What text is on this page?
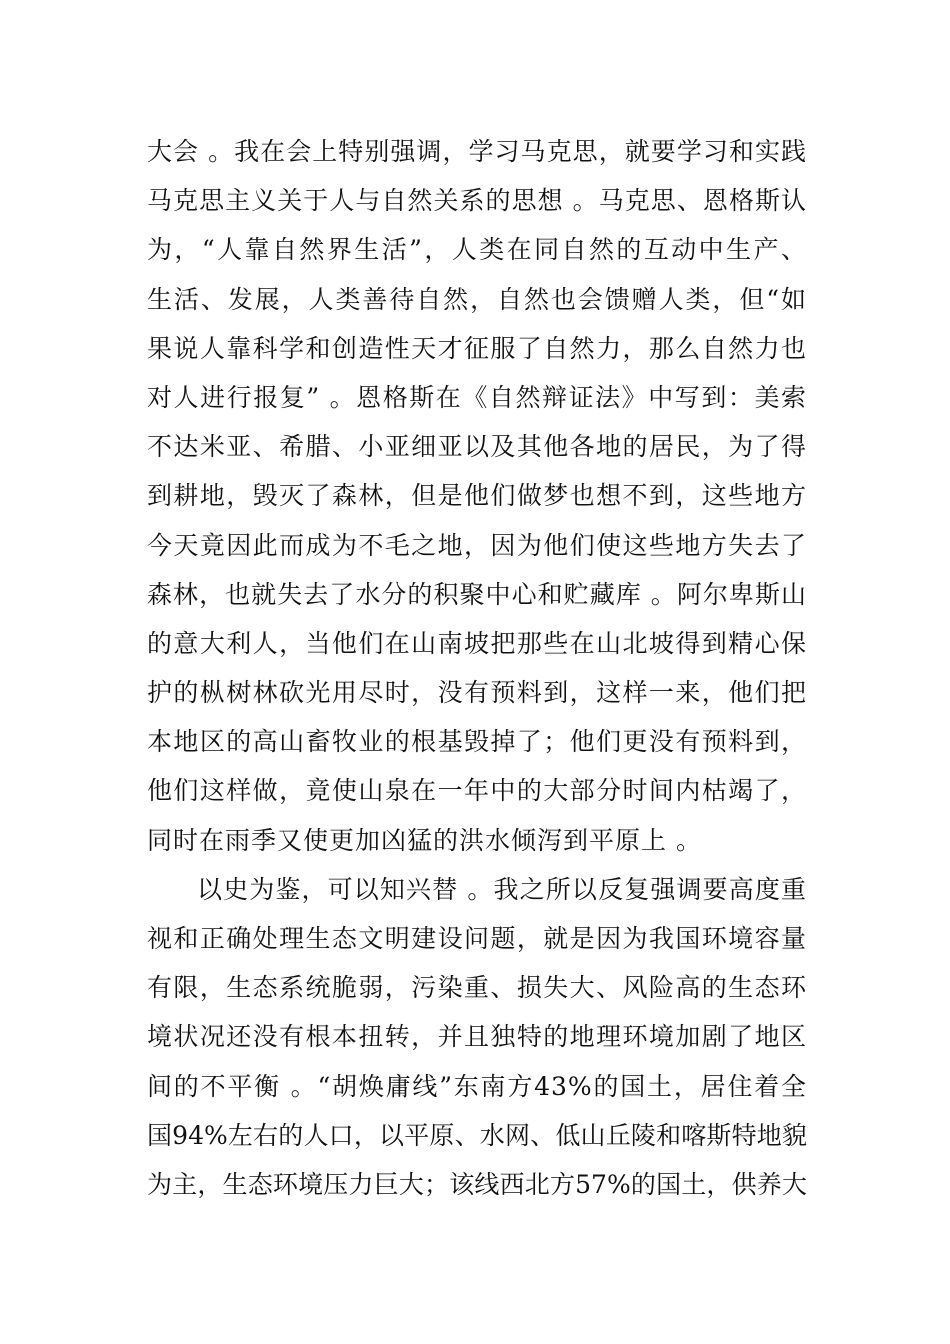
大会 。我在会上特别强调，学习马克思，就要学习和实践
马克思主义关于人与自然关系的思想 。马克思、恩格斯认
为，“人靠自然界生活”，人类在同自然的互动中生产、
生活、发展，人类善待自然，自然也会馈赠人类，但“如
果说人靠科学和创造性天才征服了自然力，那么自然力也
对人进行报复” 。恩格斯在《自然辩证法》中写到：美索
不达米亚、希腊、小亚细亚以及其他各地的居民，为了得
到耕地，毁灭了森林，但是他们做梦也想不到，这些地方
今天竟因此而成为不毛之地，因为他们使这些地方失去了
森林，也就失去了水分的积聚中心和贮藏库 。阿尔卑斯山
的意大利人，当他们在山南坡把那些在山北坡得到精心保
护的枞树林砍光用尽时，没有预料到，这样一来，他们把
本地区的高山畜牧业的根基毁掉了；他们更没有预料到，
他们这样做，竟使山泉在一年中的大部分时间内枯竭了，
同时在雨季又使更加凶猛的洪水倾泻到平原上 。
以史为鉴，可以知兴替 。我之所以反复强调要高度重
视和正确处理生态文明建设问题，就是因为我国环境容量
有限，生态系统脆弱，污染重、损失大、风险高的生态环
境状况还没有根本扭转，并且独特的地理环境加剧了地区
间的不平衡 。“胡焕庸线”东南方43%的国土，居住着全
国94%左右的人口，以平原、水网、低山丘陵和喀斯特地貌
为主，生态环境压力巨大；该线西北方57%的国土，供养大
